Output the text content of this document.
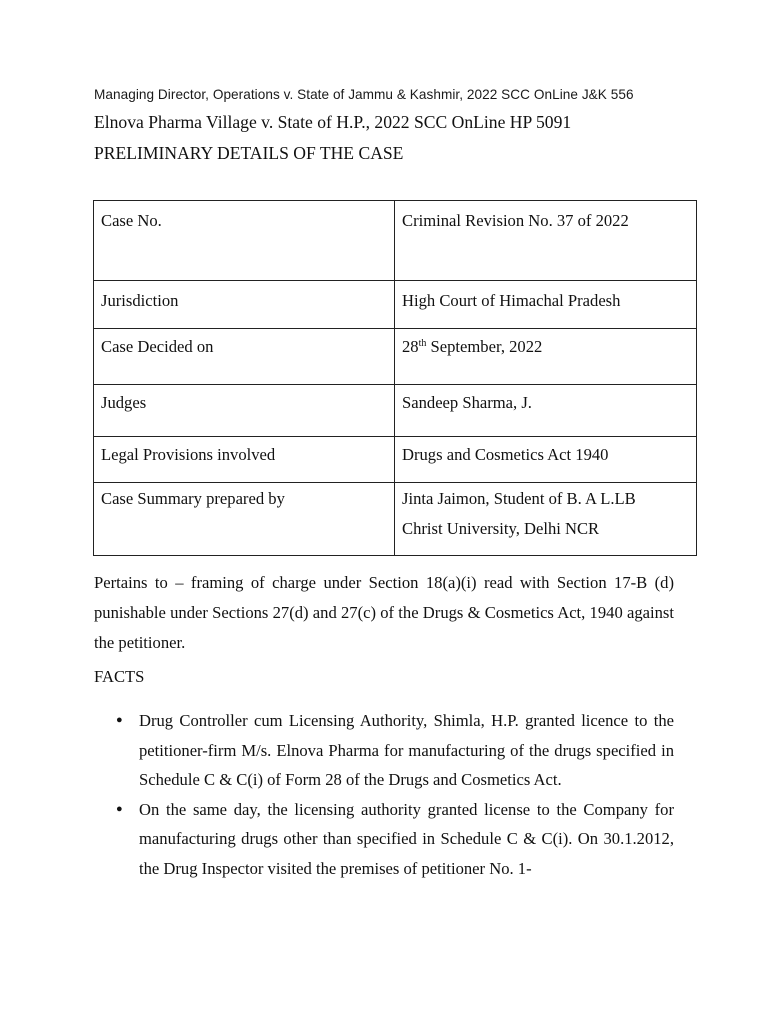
Managing Director, Operations v. State of Jammu & Kashmir, 2022 SCC OnLine J&K 556
Elnova Pharma Village v. State of H.P., 2022 SCC OnLine HP 5091
PRELIMINARY DETAILS OF THE CASE
Case No.	Criminal Revision No. 37 of 2022
Jurisdiction	High Court of Himachal Pradesh
Case Decided on	28th September, 2022
Judges	Sandeep Sharma, J.
Legal Provisions involved	Drugs and Cosmetics Act 1940
Case Summary prepared by	Jinta Jaimon, Student of B. A L.LB
Christ University, Delhi NCR
Pertains to – framing of charge under Section 18(a)(i) read with Section 17-B (d) punishable under Sections 27(d) and 27(c) of the Drugs & Cosmetics Act, 1940 against the petitioner.
FACTS
● Drug Controller cum Licensing Authority, Shimla, H.P. granted licence to the petitioner-firm M/s. Elnova Pharma for manufacturing of the drugs specified in Schedule C & C(i) of Form 28 of the Drugs and Cosmetics Act.
● On the same day, the licensing authority granted license to the Company for manufacturing drugs other than specified in Schedule C & C(i). On 30.1.2012, the Drug Inspector visited the premises of petitioner No. 1-
